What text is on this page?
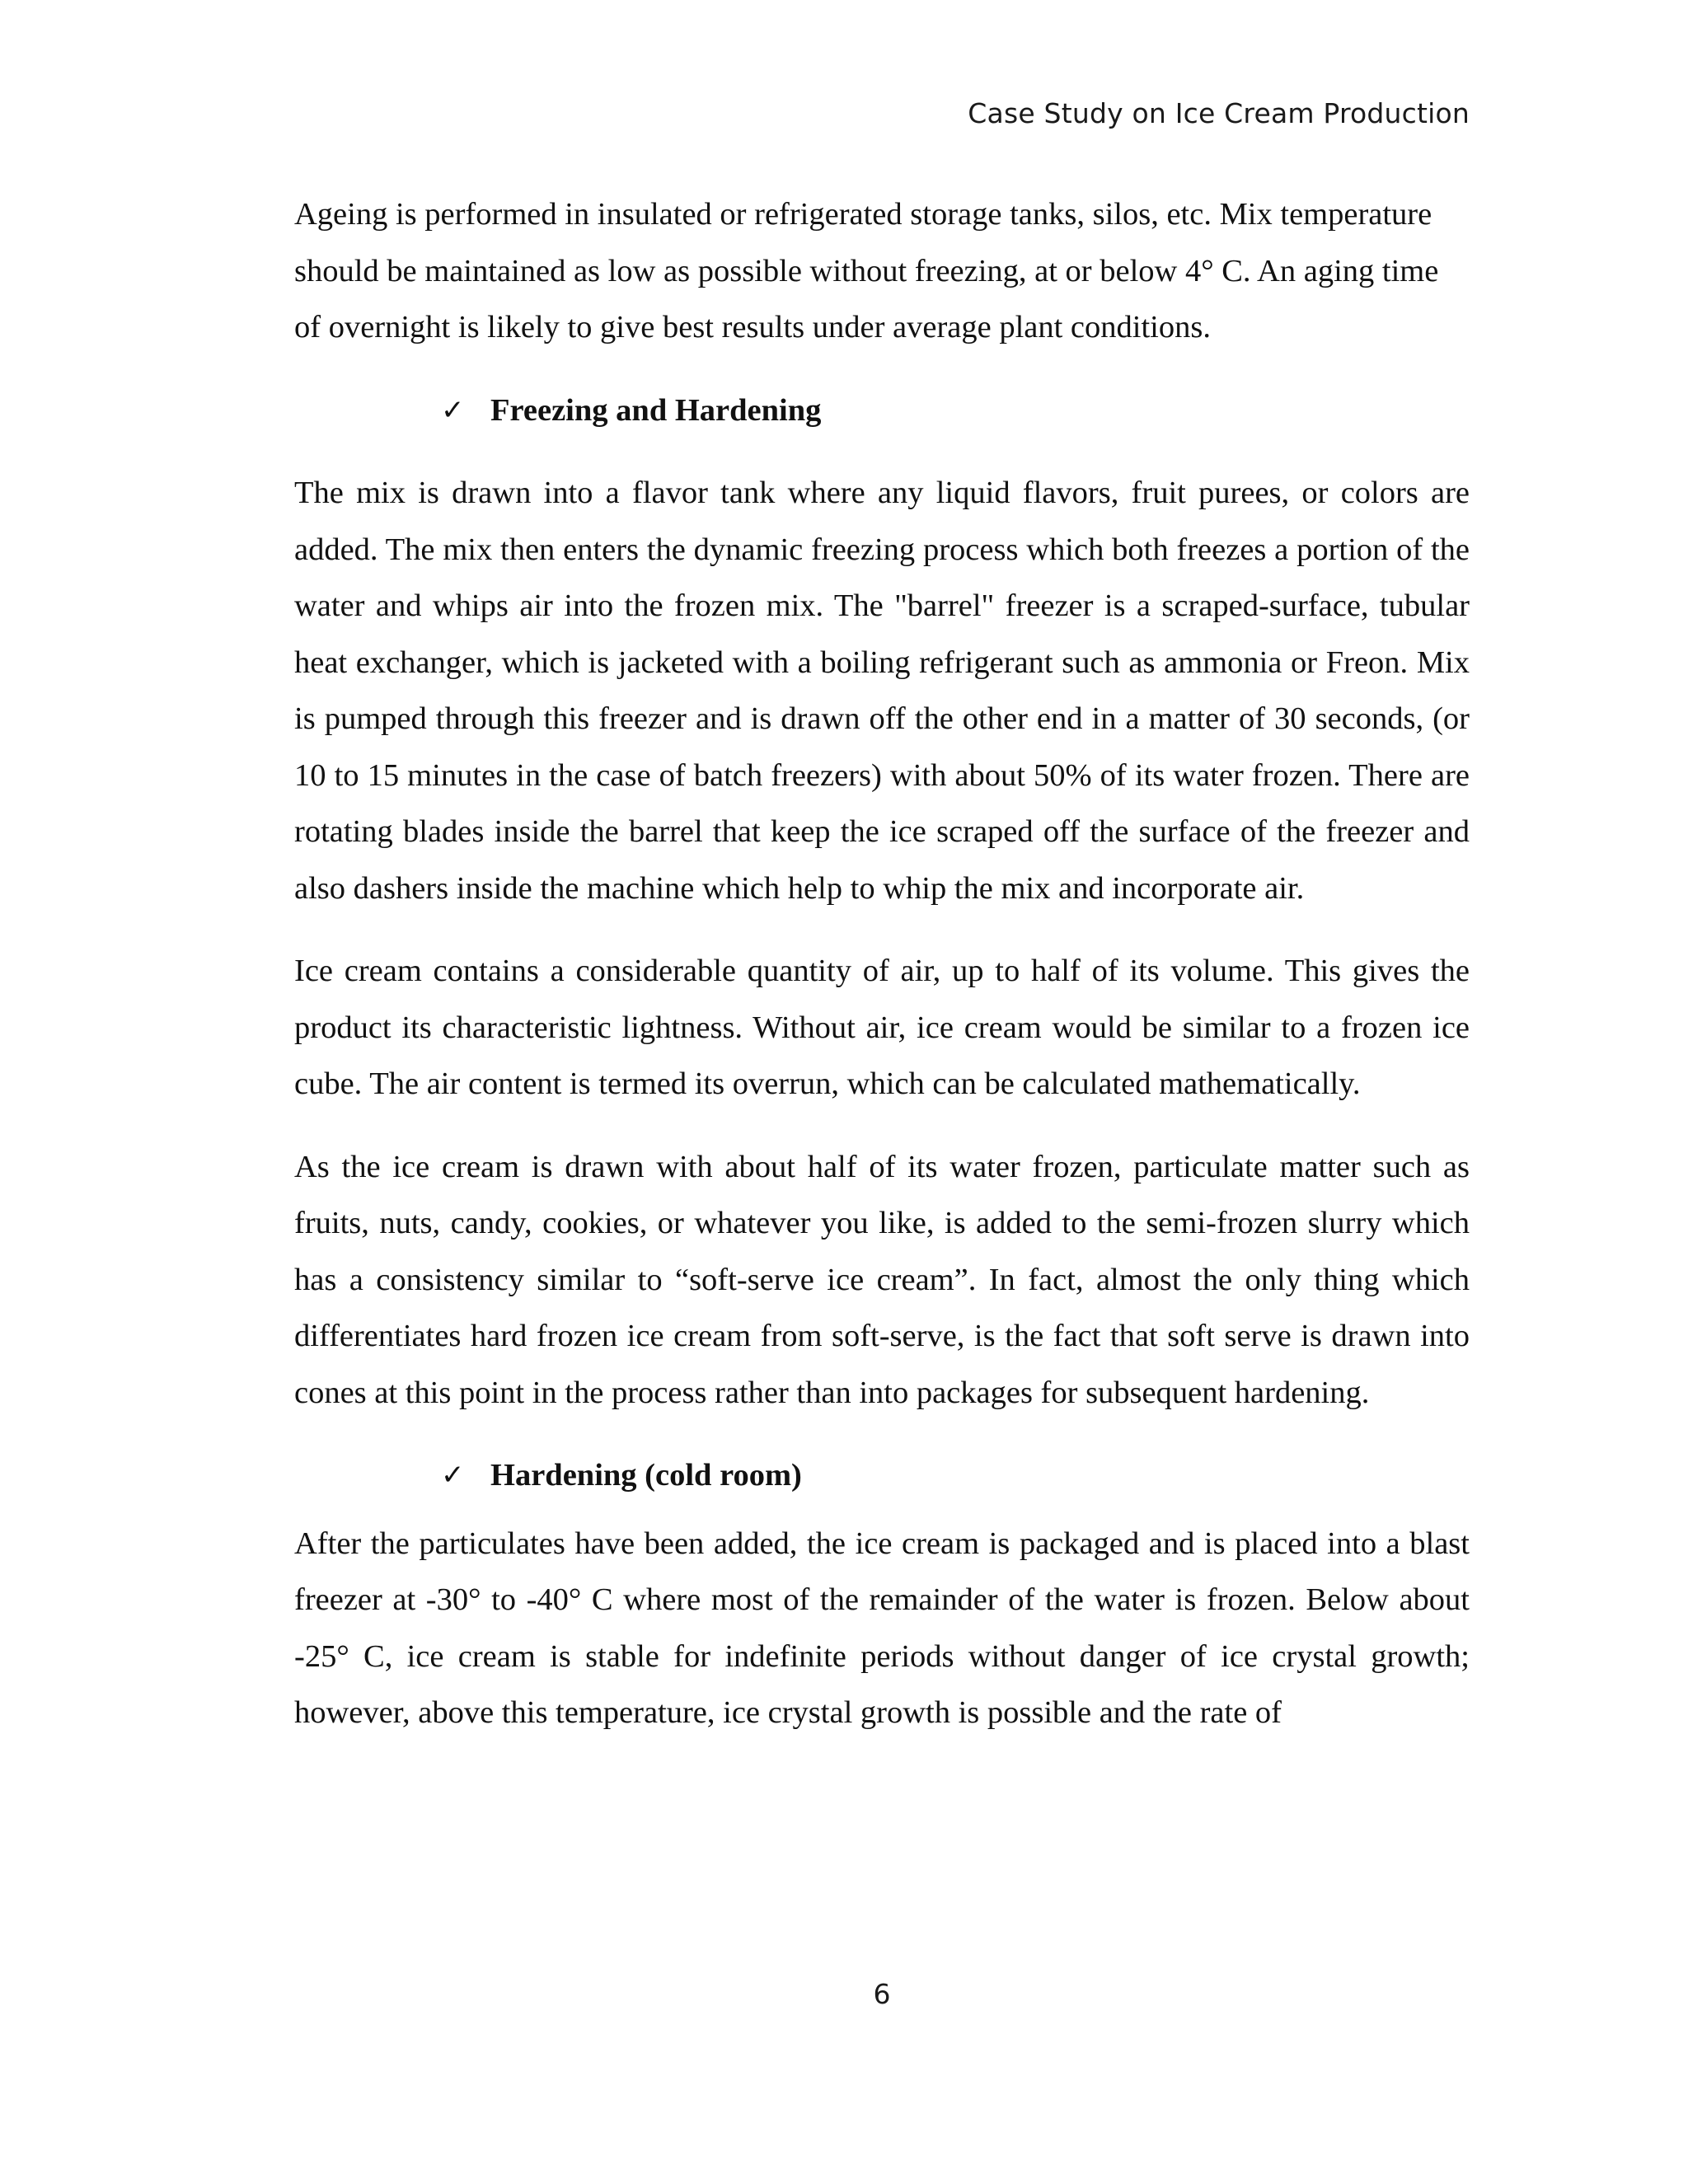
Case Study on Ice Cream Production

Ageing is performed in insulated or refrigerated storage tanks, silos, etc. Mix temperature should be maintained as low as possible without freezing, at or below 4° C. An aging time of overnight is likely to give best results under average plant conditions.

✓ Freezing and Hardening

The mix is drawn into a flavor tank where any liquid flavors, fruit purees, or colors are added. The mix then enters the dynamic freezing process which both freezes a portion of the water and whips air into the frozen mix. The "barrel" freezer is a scraped-surface, tubular heat exchanger, which is jacketed with a boiling refrigerant such as ammonia or Freon. Mix is pumped through this freezer and is drawn off the other end in a matter of 30 seconds, (or 10 to 15 minutes in the case of batch freezers) with about 50% of its water frozen. There are rotating blades inside the barrel that keep the ice scraped off the surface of the freezer and also dashers inside the machine which help to whip the mix and incorporate air.

Ice cream contains a considerable quantity of air, up to half of its volume. This gives the product its characteristic lightness. Without air, ice cream would be similar to a frozen ice cube. The air content is termed its overrun, which can be calculated mathematically.

As the ice cream is drawn with about half of its water frozen, particulate matter such as fruits, nuts, candy, cookies, or whatever you like, is added to the semi-frozen slurry which has a consistency similar to “soft-serve ice cream”. In fact, almost the only thing which differentiates hard frozen ice cream from soft-serve, is the fact that soft serve is drawn into cones at this point in the process rather than into packages for subsequent hardening.

✓ Hardening (cold room)

After the particulates have been added, the ice cream is packaged and is placed into a blast freezer at -30° to -40° C where most of the remainder of the water is frozen. Below about -25° C, ice cream is stable for indefinite periods without danger of ice crystal growth; however, above this temperature, ice crystal growth is possible and the rate of

6
